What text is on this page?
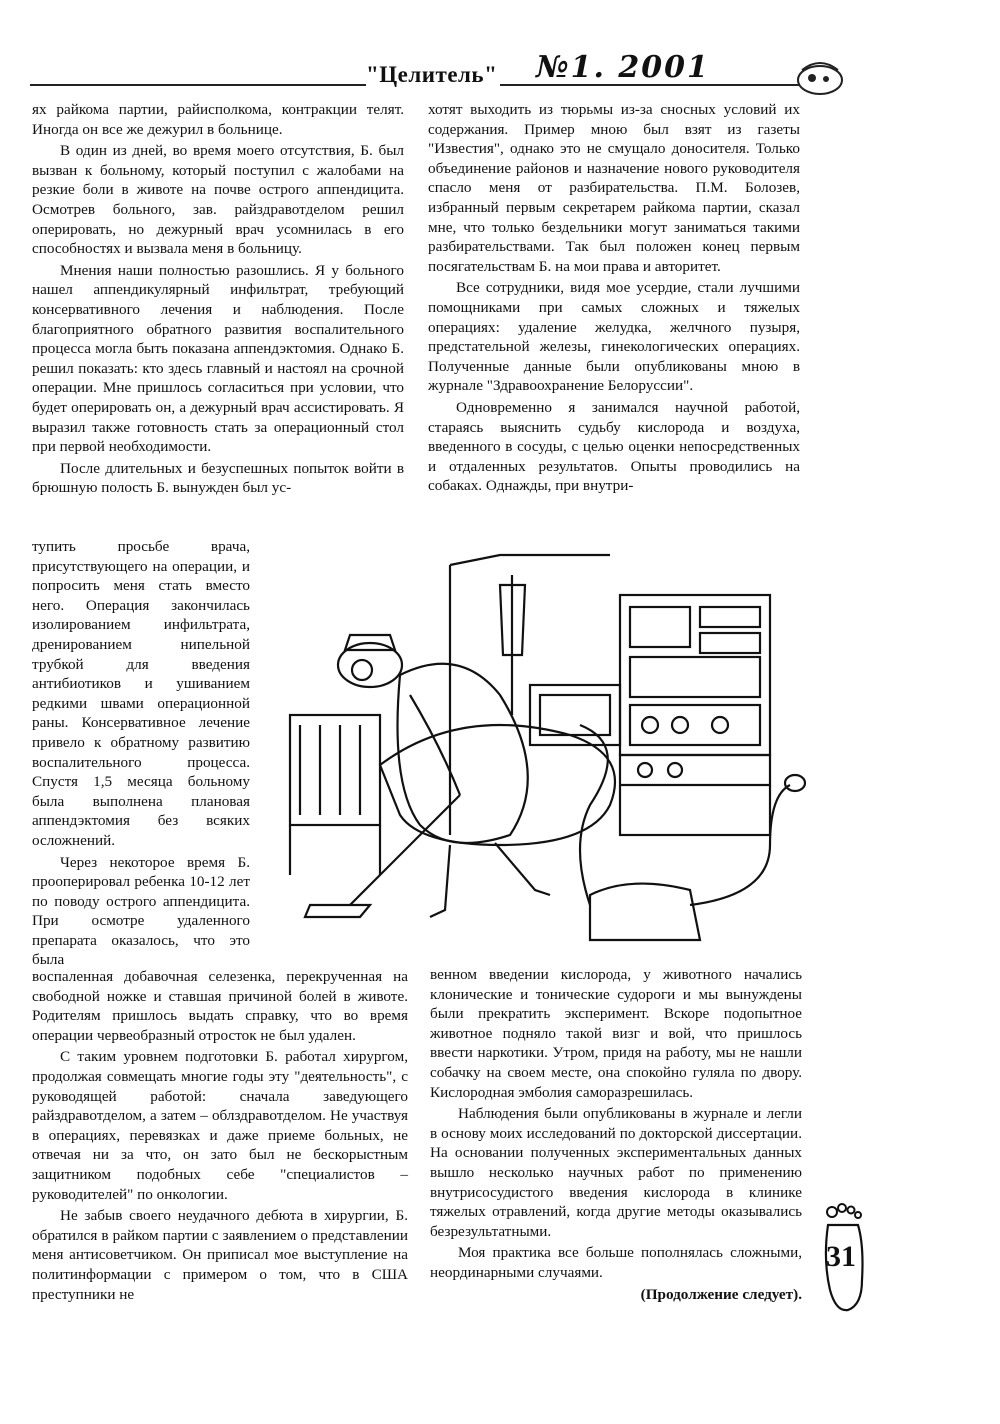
"Целитель" №1. 2001

ях райкома партии, райисполкома, контракции телят. Иногда он все же дежурил в больнице.

В один из дней, во время моего отсутствия, Б. был вызван к больному, который поступил с жалобами на резкие боли в животе на почве острого аппендицита. Осмотрев больного, зав. райздравотделом решил оперировать, но дежурный врач усомнилась в его способностях и вызвала меня в больницу.

Мнения наши полностью разошлись. Я у больного нашел аппендикулярный инфильтрат, требующий консервативного лечения и наблюдения. После благоприятного обратного развития воспалительного процесса могла быть показана аппендэктомия. Однако Б. решил показать: кто здесь главный и настоял на срочной операции. Мне пришлось согласиться при условии, что будет оперировать он, а дежурный врач ассистировать. Я выразил также готовность стать за операционный стол при первой необходимости.

После длительных и безуспешных попыток войти в брюшную полость Б. вынужден был ус-

тупить просьбе врача, присутствующего на операции, и попросить меня стать вместо него. Операция закончилась изолированием инфильтрата, дренированием нипельной трубкой для введения антибиотиков и ушиванием редкими швами операционной раны. Консервативное лечение привело к обратному развитию воспалительного процесса. Спустя 1,5 месяца больному была выполнена плановая аппендэктомия без всяких осложнений.

Через некоторое время Б. прооперировал ребенка 10-12 лет по поводу острого аппендицита. При осмотре удаленного препарата оказалось, что это была

воспаленная добавочная селезенка, перекрученная на свободной ножке и ставшая причиной болей в животе. Родителям пришлось выдать справку, что во время операции червеобразный отросток не был удален.

С таким уровнем подготовки Б. работал хирургом, продолжая совмещать многие годы эту "деятельность", с руководящей работой: сначала заведующего райздравотделом, а затем – облздравотделом. Не участвуя в операциях, перевязках и даже приеме больных, не отвечая ни за что, он зато был не бескорыстным защитником подобных себе "специалистов – руководителей" по онкологии.

Не забыв своего неудачного дебюта в хирургии, Б. обратился в райком партии с заявлением о представлении меня антисоветчиком. Он приписал мое выступление на политинформации с примером о том, что в США преступники не

хотят выходить из тюрьмы из-за сносных условий их содержания. Пример мною был взят из газеты "Известия", однако это не смущало доносителя. Только объединение районов и назначение нового руководителя спасло меня от разбирательства. П.М. Болозев, избранный первым секретарем райкома партии, сказал мне, что только бездельники могут заниматься такими разбирательствами. Так был положен конец первым посягательствам Б. на мои права и авторитет.

Все сотрудники, видя мое усердие, стали лучшими помощниками при самых сложных и тяжелых операциях: удаление желудка, желчного пузыря, предстательной железы, гинекологических операциях. Полученные данные были опубликованы мною в журнале "Здравоохранение Белоруссии".

Одновременно я занимался научной работой, стараясь выяснить судьбу кислорода и воздуха, введенного в сосуды, с целью оценки непосредственных и отдаленных результатов. Опыты проводились на собаках. Однажды, при внутри-

венном введении кислорода, у животного начались клонические и тонические судороги и мы вынуждены были прекратить эксперимент. Вскоре подопытное животное подняло такой визг и вой, что пришлось ввести наркотики. Утром, придя на работу, мы не нашли собачку на своем месте, она спокойно гуляла по двору. Кислородная эмболия саморазрешилась.

Наблюдения были опубликованы в журнале и легли в основу моих исследований по докторской диссертации. На основании полученных экспериментальных данных вышло несколько научных работ по применению внутрисосудистого введения кислорода в клинике тяжелых отравлений, когда другие методы оказывались безрезультатными.

Моя практика все больше пополнялась сложными, неординарными случаями.

(Продолжение следует).

31
